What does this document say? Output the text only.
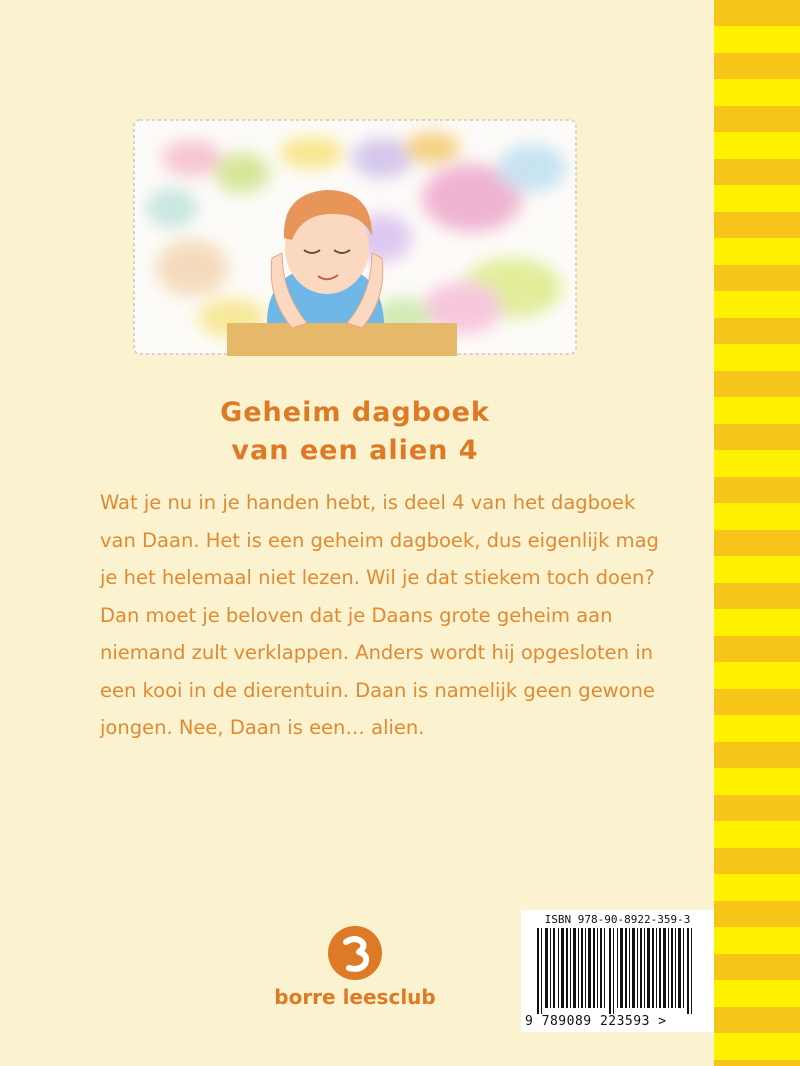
Geheim dagboek
van een alien 4
Wat je nu in je handen hebt, is deel 4 van het dagboek van Daan. Het is een geheim dagboek, dus eigenlijk mag je het helemaal niet lezen. Wil je dat stiekem toch doen? Dan moet je beloven dat je Daans grote geheim aan niemand zult verklappen. Anders wordt hij opgesloten in een kooi in de dierentuin. Daan is namelijk geen gewone jongen. Nee, Daan is een… alien.
borre leesclub
ISBN 978-90-8922-359-3
9 789089 223593 >
